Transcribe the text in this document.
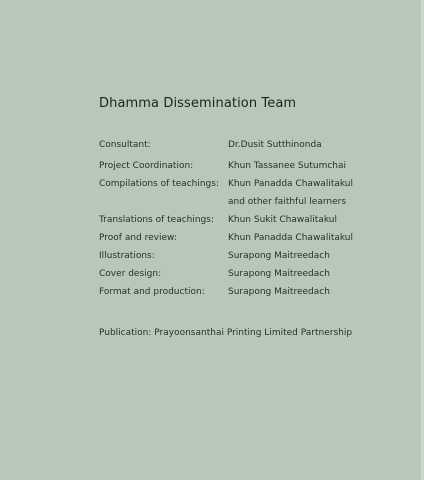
Dhamma Dissemination Team
Consultant:	Dr.Dusit Sutthinonda
Project Coordination:	Khun Tassanee Sutumchai
Compilations of teachings:	Khun Panadda Chawalitakul
and other faithful learners
Translations of teachings:	Khun Sukit Chawalitakul
Proof and review:	Khun Panadda Chawalitakul
Illustrations:	Surapong Maitreedach
Cover design:	Surapong Maitreedach
Format and production:	Surapong Maitreedach
Publication: Prayoonsanthai Printing Limited Partnership
